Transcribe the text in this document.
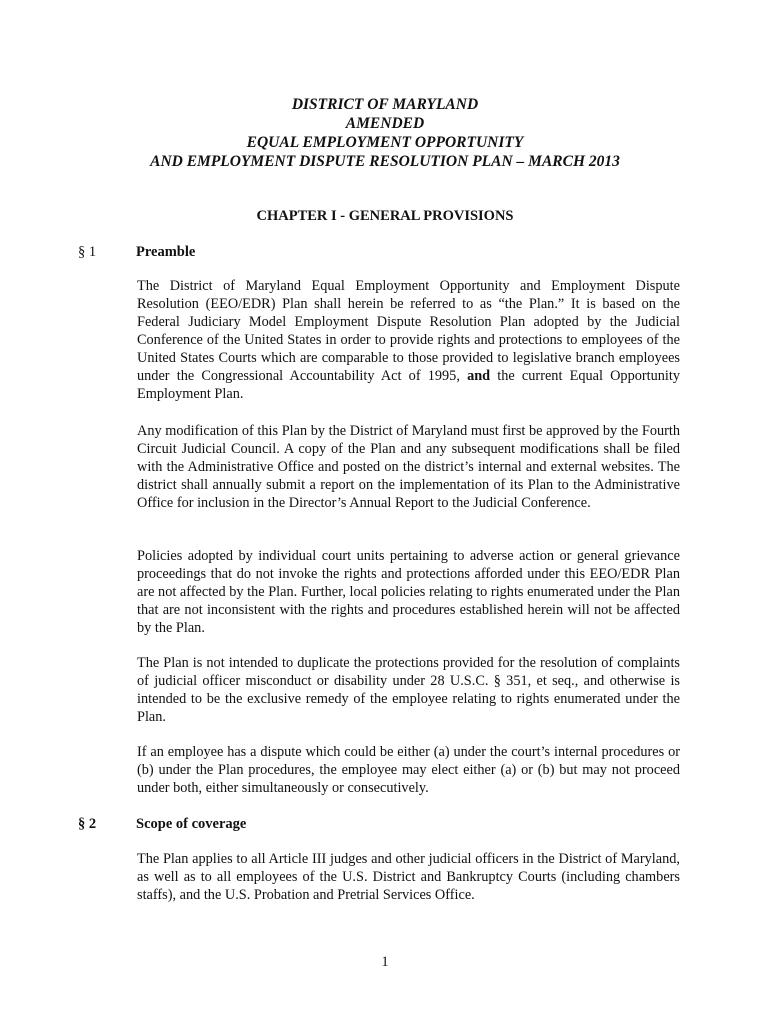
DISTRICT OF MARYLAND
AMENDED
EQUAL EMPLOYMENT OPPORTUNITY
AND EMPLOYMENT DISPUTE RESOLUTION PLAN – MARCH 2013
CHAPTER I - GENERAL PROVISIONS
§ 1	Preamble
The District of Maryland Equal Employment Opportunity and Employment Dispute Resolution (EEO/EDR) Plan shall herein be referred to as “the Plan.” It is based on the Federal Judiciary Model Employment Dispute Resolution Plan adopted by the Judicial Conference of the United States in order to provide rights and protections to employees of the United States Courts which are comparable to those provided to legislative branch employees under the Congressional Accountability Act of 1995, and the current Equal Opportunity Employment Plan.
Any modification of this Plan by the District of Maryland must first be approved by the Fourth Circuit Judicial Council. A copy of the Plan and any subsequent modifications shall be filed with the Administrative Office and posted on the district’s internal and external websites. The district shall annually submit a report on the implementation of its Plan to the Administrative Office for inclusion in the Director’s Annual Report to the Judicial Conference.
Policies adopted by individual court units pertaining to adverse action or general grievance proceedings that do not invoke the rights and protections afforded under this EEO/EDR Plan are not affected by the Plan. Further, local policies relating to rights enumerated under the Plan that are not inconsistent with the rights and procedures established herein will not be affected by the Plan.
The Plan is not intended to duplicate the protections provided for the resolution of complaints of judicial officer misconduct or disability under 28 U.S.C. § 351, et seq., and otherwise is intended to be the exclusive remedy of the employee relating to rights enumerated under the Plan.
If an employee has a dispute which could be either (a) under the court’s internal procedures or (b) under the Plan procedures, the employee may elect either (a) or (b) but may not proceed under both, either simultaneously or consecutively.
§ 2	Scope of coverage
The Plan applies to all Article III judges and other judicial officers in the District of Maryland, as well as to all employees of the U.S. District and Bankruptcy Courts (including chambers staffs), and the U.S. Probation and Pretrial Services Office.
1
